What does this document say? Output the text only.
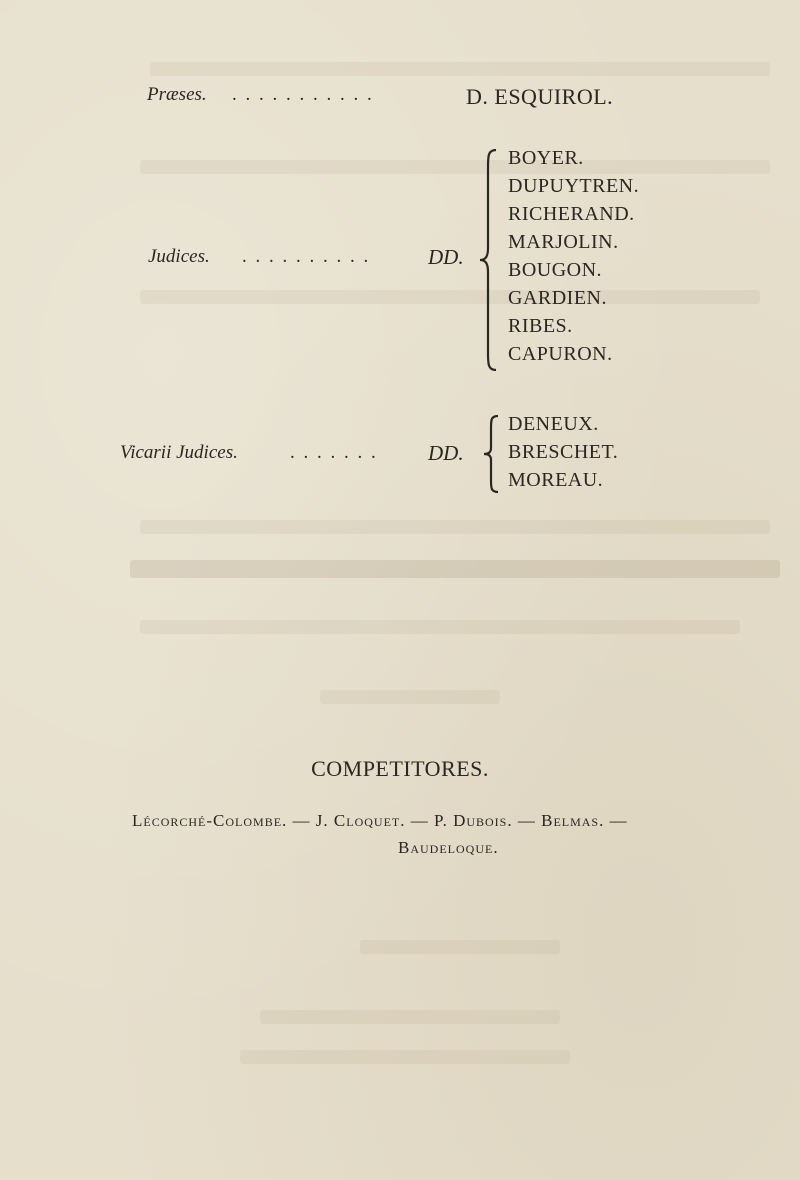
Præses. . . . . . . . . . . .	D. ESQUIROL.
Judices. . . . . . . . . . .	DD.
BOYER.
DUPUYTREN.
RICHERAND.
MARJOLIN.
BOUGON.
GARDIEN.
RIBES.
CAPURON.
Vicarii Judices.	. . . . . . . DD.
DENEUX.
BRESCHET.
MOREAU.
COMPETITORES.
Lécorché-Colombe. — J. Cloquet. — P. Dubois. — Belmas. —
Baudeloque.
